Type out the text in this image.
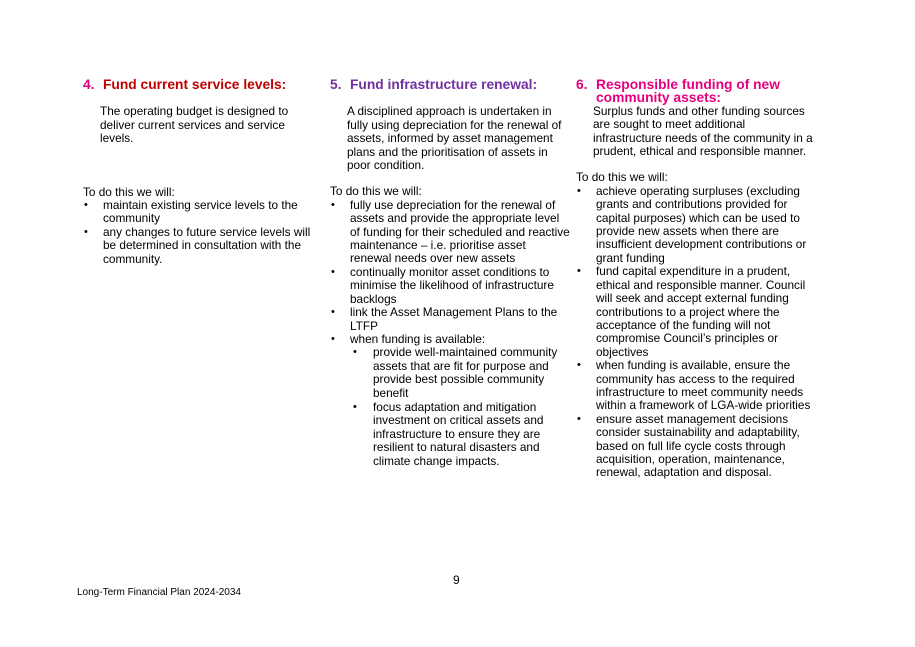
4. Fund current service levels:

The operating budget is designed to deliver current services and service levels.

To do this we will:

• maintain existing service levels to the community
• any changes to future service levels will be determined in consultation with the community.
5. Fund infrastructure renewal:

A disciplined approach is undertaken in fully using depreciation for the renewal of assets, informed by asset management plans and the prioritisation of assets in poor condition.

To do this we will:

• fully use depreciation for the renewal of assets and provide the appropriate level of funding for their scheduled and reactive maintenance – i.e. prioritise asset renewal needs over new assets
• continually monitor asset conditions to minimise the likelihood of infrastructure backlogs
• link the Asset Management Plans to the LTFP
• when funding is available:
• provide well-maintained community assets that are fit for purpose and provide best possible community benefit
• focus adaptation and mitigation investment on critical assets and infrastructure to ensure they are resilient to natural disasters and climate change impacts.
6. Responsible funding of new community assets:

Surplus funds and other funding sources are sought to meet additional infrastructure needs of the community in a prudent, ethical and responsible manner.

To do this we will:

• achieve operating surpluses (excluding grants and contributions provided for capital purposes) which can be used to provide new assets when there are insufficient development contributions or grant funding
• fund capital expenditure in a prudent, ethical and responsible manner. Council will seek and accept external funding contributions to a project where the acceptance of the funding will not compromise Council’s principles or objectives
• when funding is available, ensure the community has access to the required infrastructure to meet community needs within a framework of LGA-wide priorities
• ensure asset management decisions consider sustainability and adaptability, based on full life cycle costs through acquisition, operation, maintenance, renewal, adaptation and disposal.
9
Long-Term Financial Plan 2024-2034
